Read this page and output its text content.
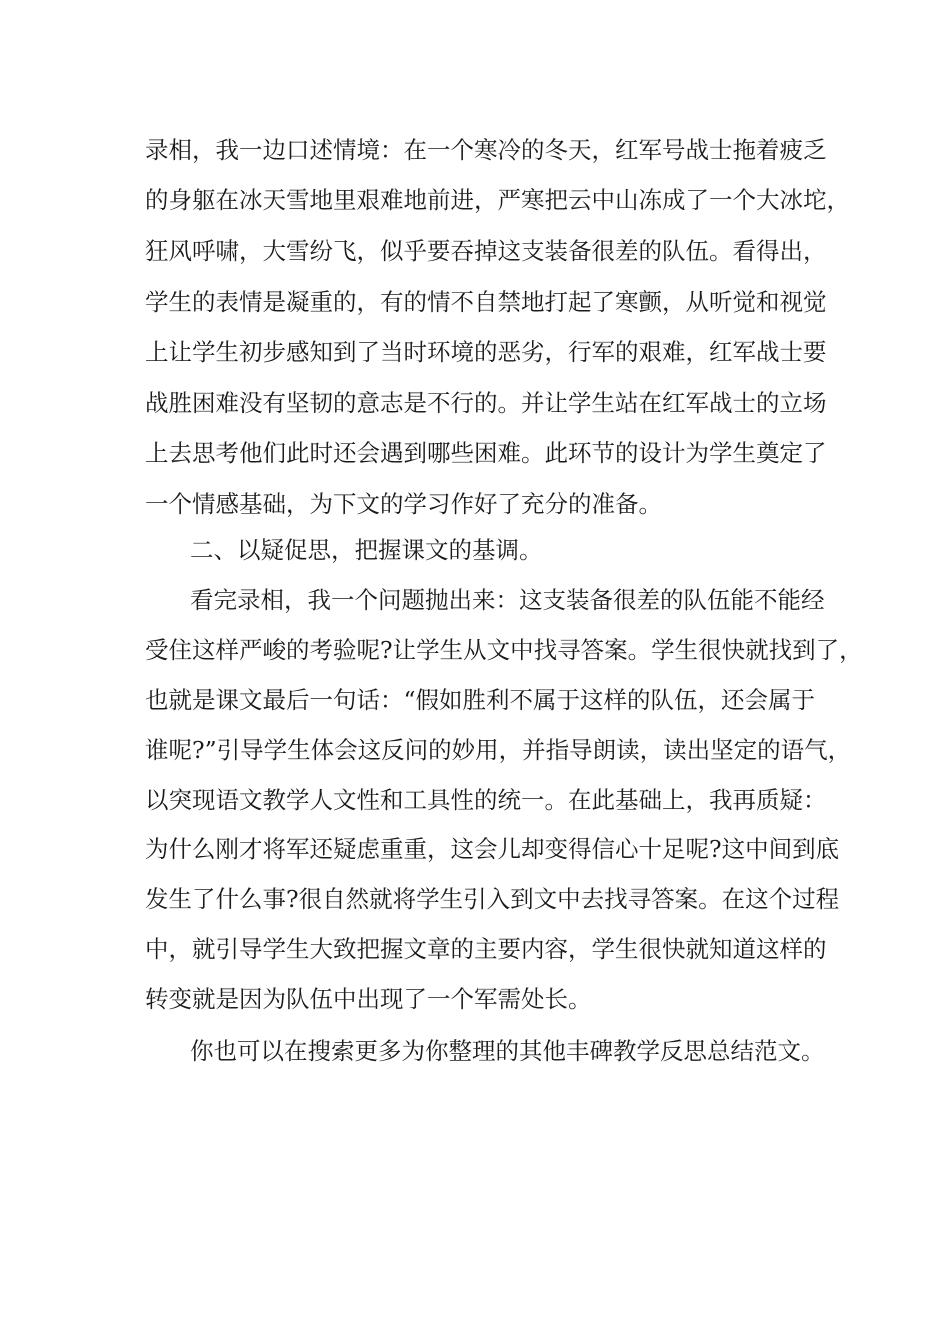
录相，我一边口述情境：在一个寒冷的冬天，红军号战士拖着疲乏
的身躯在冰天雪地里艰难地前进，严寒把云中山冻成了一个大冰坨，
狂风呼啸，大雪纷飞，似乎要吞掉这支装备很差的队伍。看得出，
学生的表情是凝重的，有的情不自禁地打起了寒颤，从听觉和视觉
上让学生初步感知到了当时环境的恶劣，行军的艰难，红军战士要
战胜困难没有坚韧的意志是不行的。并让学生站在红军战士的立场
上去思考他们此时还会遇到哪些困难。此环节的设计为学生奠定了
一个情感基础，为下文的学习作好了充分的准备。
二、以疑促思，把握课文的基调。
看完录相，我一个问题抛出来：这支装备很差的队伍能不能经
受住这样严峻的考验呢?让学生从文中找寻答案。学生很快就找到了，
也就是课文最后一句话：“假如胜利不属于这样的队伍，还会属于
谁呢?”引导学生体会这反问的妙用，并指导朗读，读出坚定的语气，
以突现语文教学人文性和工具性的统一。在此基础上，我再质疑：
为什么刚才将军还疑虑重重，这会儿却变得信心十足呢?这中间到底
发生了什么事?很自然就将学生引入到文中去找寻答案。在这个过程
中，就引导学生大致把握文章的主要内容，学生很快就知道这样的
转变就是因为队伍中出现了一个军需处长。
你也可以在搜索更多为你整理的其他丰碑教学反思总结范文。
